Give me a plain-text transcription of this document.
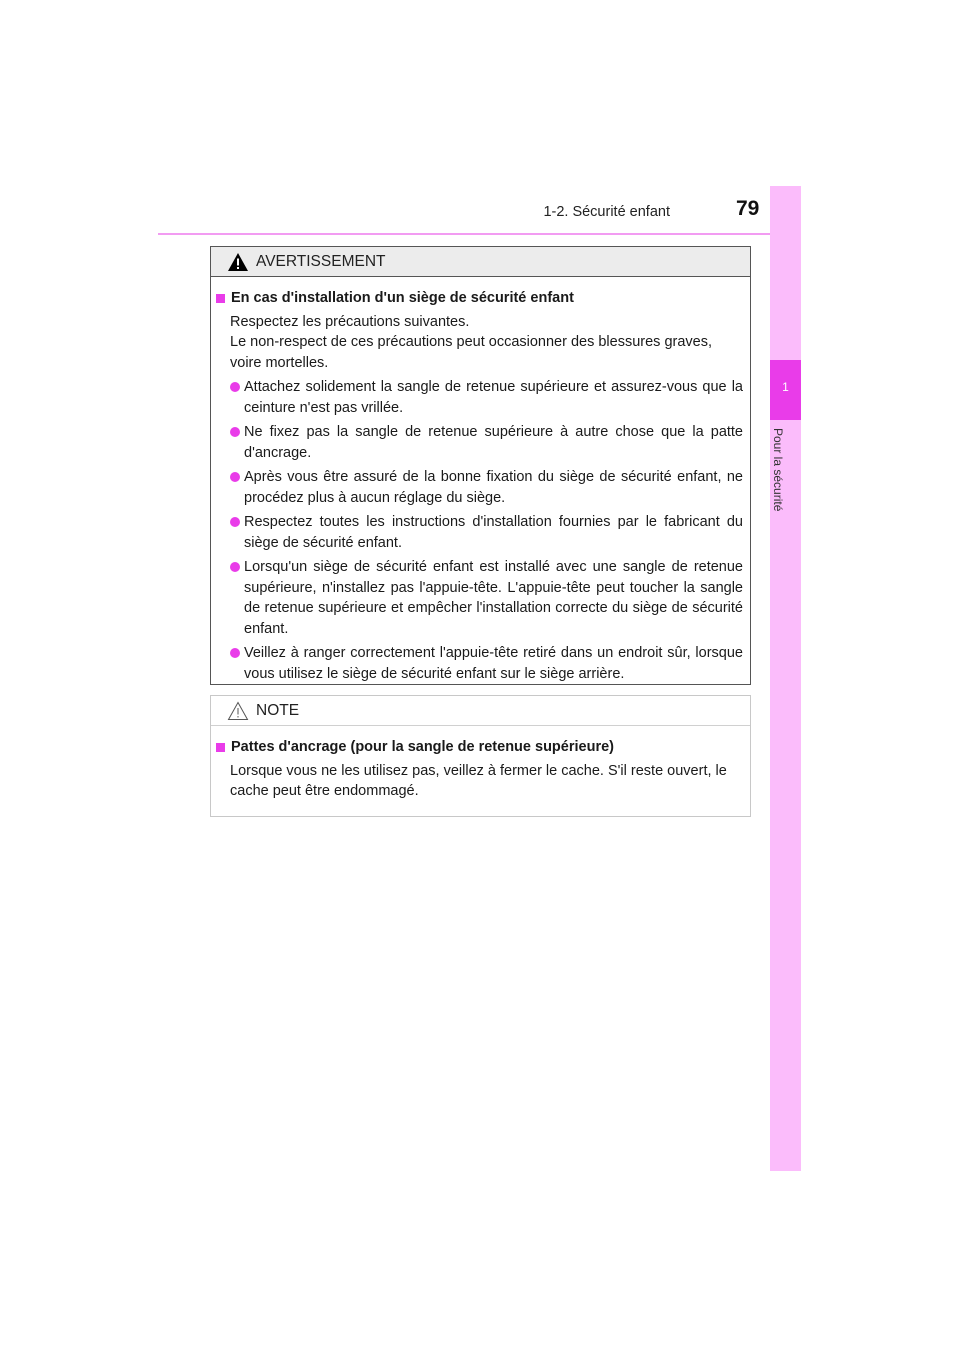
1-2. Sécurité enfant	79
1
Pour la sécurité
AVERTISSEMENT
En cas d'installation d'un siège de sécurité enfant
Respectez les précautions suivantes.
Le non-respect de ces précautions peut occasionner des blessures graves, voire mortelles.
Attachez solidement la sangle de retenue supérieure et assurez-vous que la ceinture n'est pas vrillée.
Ne fixez pas la sangle de retenue supérieure à autre chose que la patte d'ancrage.
Après vous être assuré de la bonne fixation du siège de sécurité enfant, ne procédez plus à aucun réglage du siège.
Respectez toutes les instructions d'installation fournies par le fabricant du siège de sécurité enfant.
Lorsqu'un siège de sécurité enfant est installé avec une sangle de retenue supérieure, n'installez pas l'appuie-tête. L'appuie-tête peut toucher la sangle de retenue supérieure et empêcher l'installation correcte du siège de sécurité enfant.
Veillez à ranger correctement l'appuie-tête retiré dans un endroit sûr, lorsque vous utilisez le siège de sécurité enfant sur le siège arrière.
NOTE
Pattes d'ancrage (pour la sangle de retenue supérieure)
Lorsque vous ne les utilisez pas, veillez à fermer le cache. S'il reste ouvert, le cache peut être endommagé.
